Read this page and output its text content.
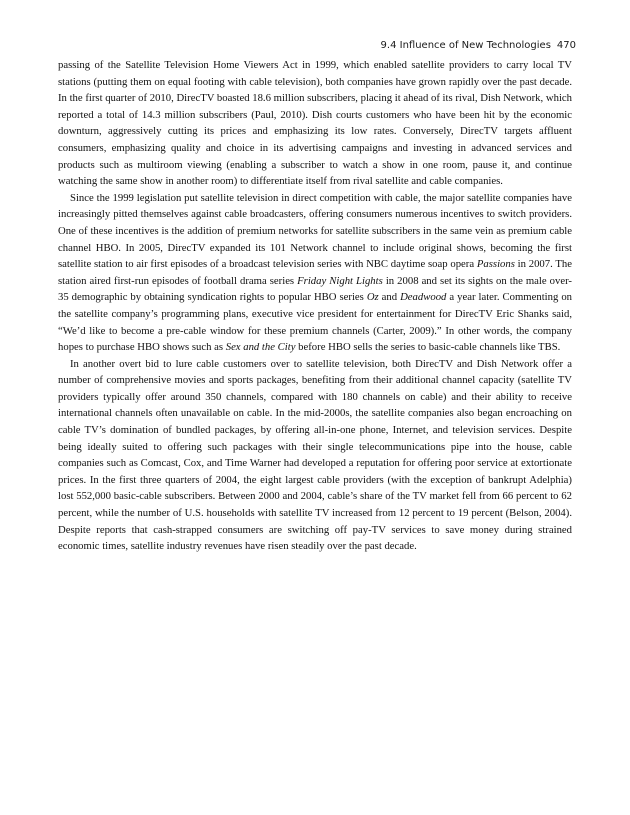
9.4 Influence of New Technologies 470

passing of the Satellite Television Home Viewers Act in 1999, which enabled satellite providers to carry local TV stations (putting them on equal footing with cable television), both companies have grown rapidly over the past decade. In the first quarter of 2010, DirecTV boasted 18.6 million subscribers, placing it ahead of its rival, Dish Network, which reported a total of 14.3 million subscribers (Paul, 2010). Dish courts customers who have been hit by the economic downturn, aggressively cutting its prices and emphasizing its low rates. Conversely, DirecTV targets affluent consumers, emphasizing quality and choice in its advertising campaigns and investing in advanced services and products such as multiroom viewing (enabling a subscriber to watch a show in one room, pause it, and continue watching the same show in another room) to differentiate itself from rival satellite and cable companies.

Since the 1999 legislation put satellite television in direct competition with cable, the major satellite companies have increasingly pitted themselves against cable broadcasters, offering consumers numerous incentives to switch providers. One of these incentives is the addition of premium networks for satellite subscribers in the same vein as premium cable channel HBO. In 2005, DirecTV expanded its 101 Network channel to include original shows, becoming the first satellite station to air first episodes of a broadcast television series with NBC daytime soap opera Passions in 2007. The station aired first-run episodes of football drama series Friday Night Lights in 2008 and set its sights on the male over-35 demographic by obtaining syndication rights to popular HBO series Oz and Deadwood a year later. Commenting on the satellite company’s programming plans, executive vice president for entertainment for DirecTV Eric Shanks said, “We’d like to become a pre-cable window for these premium channels (Carter, 2009).” In other words, the company hopes to purchase HBO shows such as Sex and the City before HBO sells the series to basic-cable channels like TBS.

In another overt bid to lure cable customers over to satellite television, both DirecTV and Dish Network offer a number of comprehensive movies and sports packages, benefiting from their additional channel capacity (satellite TV providers typically offer around 350 channels, compared with 180 channels on cable) and their ability to receive international channels often unavailable on cable. In the mid-2000s, the satellite companies also began encroaching on cable TV’s domination of bundled packages, by offering all-in-one phone, Internet, and television services. Despite being ideally suited to offering such packages with their single telecommunications pipe into the house, cable companies such as Comcast, Cox, and Time Warner had developed a reputation for offering poor service at extortionate prices. In the first three quarters of 2004, the eight largest cable providers (with the exception of bankrupt Adelphia) lost 552,000 basic-cable subscribers. Between 2000 and 2004, cable’s share of the TV market fell from 66 percent to 62 percent, while the number of U.S. households with satellite TV increased from 12 percent to 19 percent (Belson, 2004). Despite reports that cash-strapped consumers are switching off pay-TV services to save money during strained economic times, satellite industry revenues have risen steadily over the past decade.
